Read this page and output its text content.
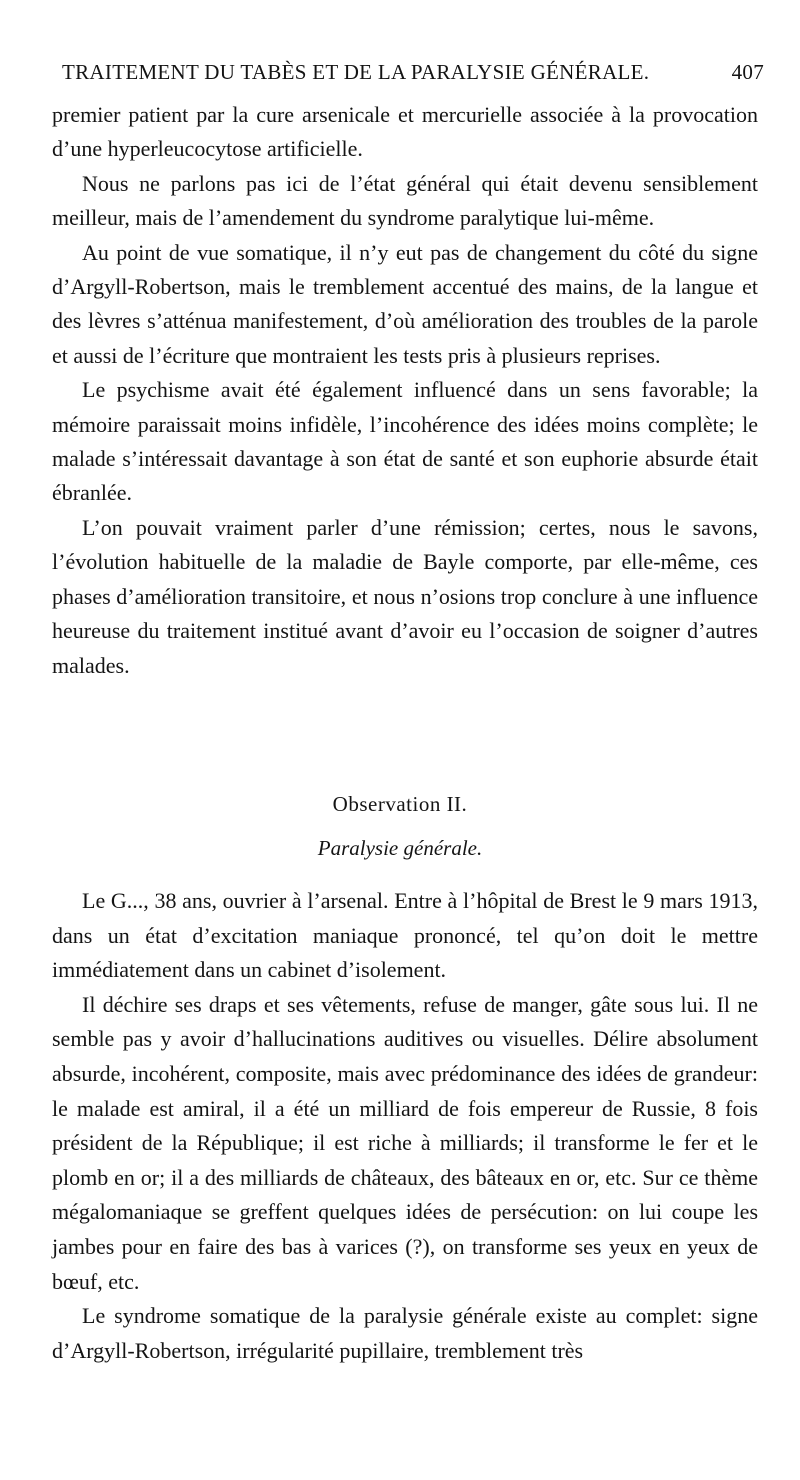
TRAITEMENT DU TABÈS ET DE LA PARALYSIE GÉNÉRALE.	407

premier patient par la cure arsenicale et mercurielle associée à la provocation d’une hyperleucocytose artificielle.

Nous ne parlons pas ici de l’état général qui était devenu sensiblement meilleur, mais de l’amendement du syndrome paralytique lui-même.

Au point de vue somatique, il n’y eut pas de changement du côté du signe d’Argyll-Robertson, mais le tremblement accentué des mains, de la langue et des lèvres s’atténua manifestement, d’où amélioration des troubles de la parole et aussi de l’écriture que montraient les tests pris à plusieurs reprises.

Le psychisme avait été également influencé dans un sens favorable; la mémoire paraissait moins infidèle, l’incohérence des idées moins complète; le malade s’intéressait davantage à son état de santé et son euphorie absurde était ébranlée.

L’on pouvait vraiment parler d’une rémission; certes, nous le savons, l’évolution habituelle de la maladie de Bayle comporte, par elle-même, ces phases d’amélioration transitoire, et nous n’osions trop conclure à une influence heureuse du traitement institué avant d’avoir eu l’occasion de soigner d’autres malades.

Observation II.
Paralysie générale.

Le G..., 38 ans, ouvrier à l’arsenal. Entre à l’hôpital de Brest le 9 mars 1913, dans un état d’excitation maniaque prononcé, tel qu’on doit le mettre immédiatement dans un cabinet d’isolement.

Il déchire ses draps et ses vêtements, refuse de manger, gâte sous lui. Il ne semble pas y avoir d’hallucinations auditives ou visuelles. Délire absolument absurde, incohérent, composite, mais avec prédominance des idées de grandeur: le malade est amiral, il a été un milliard de fois empereur de Russie, 8 fois président de la République; il est riche à milliards; il transforme le fer et le plomb en or; il a des milliards de châteaux, des bâteaux en or, etc. Sur ce thème mégalomaniaque se greffent quelques idées de persécution: on lui coupe les jambes pour en faire des bas à varices (?), on transforme ses yeux en yeux de bœuf, etc.

Le syndrome somatique de la paralysie générale existe au complet: signe d’Argyll-Robertson, irrégularité pupillaire, tremblement très
